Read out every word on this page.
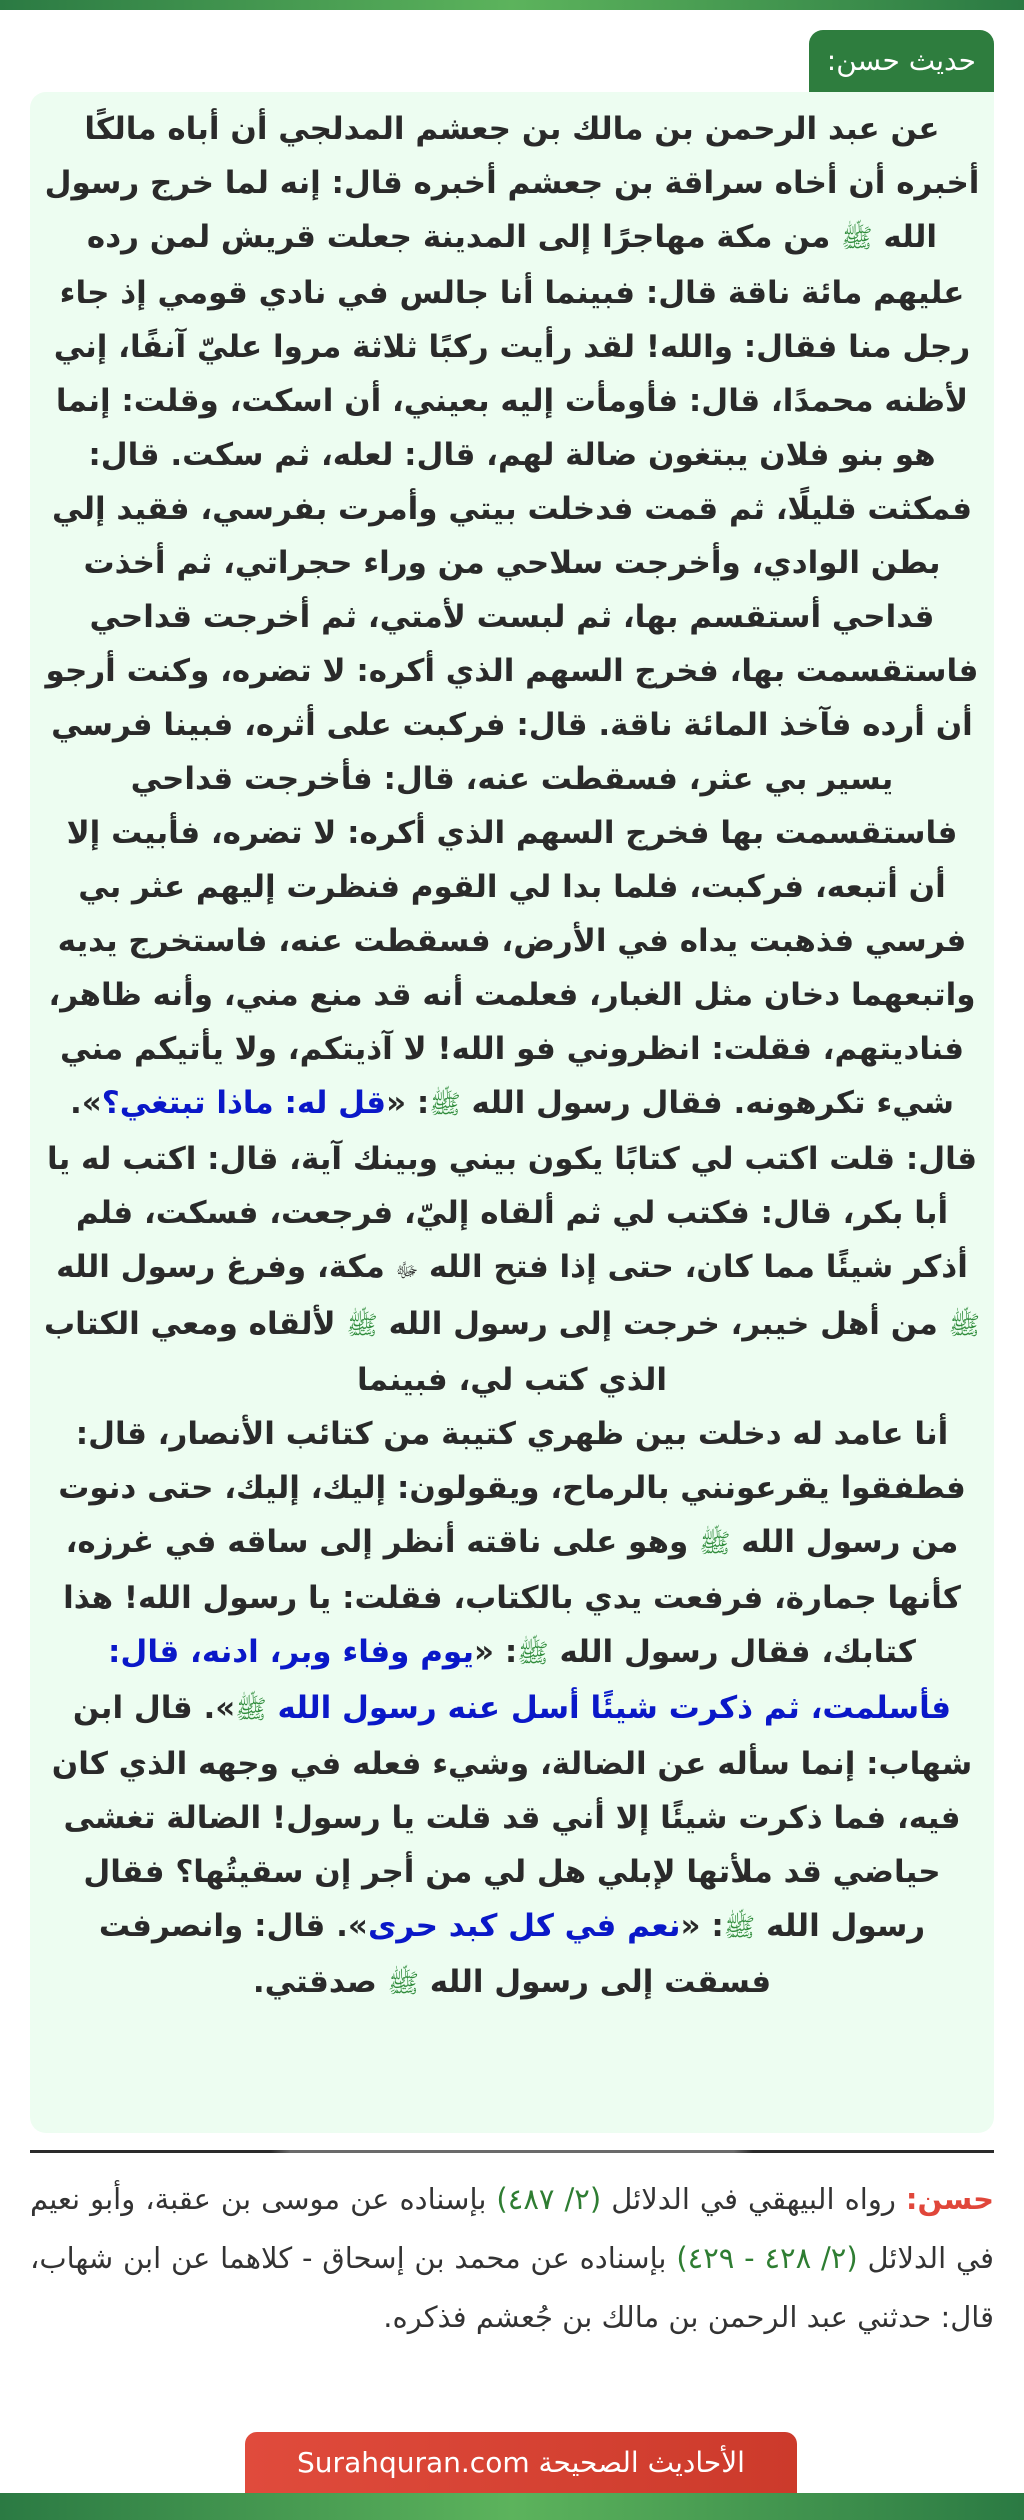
حديث حسن:

عن عبد الرحمن بن مالك بن جعشم المدلجي أن أباه مالكًا أخبره أن أخاه سراقة بن جعشم أخبره قال: إنه لما خرج رسول الله ﷺ من مكة مهاجرًا إلى المدينة جعلت قريش لمن رده عليهم مائة ناقة قال: فبينما أنا جالس في نادي قومي إذ جاء رجل منا فقال: والله! لقد رأيت ركبًا ثلاثة مروا عليّ آنفًا، إني لأظنه محمدًا، قال: فأومأت إليه بعيني، أن اسكت، وقلت: إنما هو بنو فلان يبتغون ضالة لهم، قال: لعله، ثم سكت. قال: فمكثت قليلًا، ثم قمت فدخلت بيتي وأمرت بفرسي، فقيد إلي بطن الوادي، وأخرجت سلاحي من وراء حجراتي، ثم أخذت قداحي أستقسم بها، ثم لبست لأمتي، ثم أخرجت قداحي فاستقسمت بها، فخرج السهم الذي أكره: لا تضره، وكنت أرجو أن أرده فآخذ المائة ناقة. قال: فركبت على أثره، فبينا فرسي يسير بي عثر، فسقطت عنه، قال: فأخرجت قداحي فاستقسمت بها فخرج السهم الذي أكره: لا تضره، فأبيت إلا أن أتبعه، فركبت، فلما بدا لي القوم فنظرت إليهم عثر بي فرسي فذهبت يداه في الأرض، فسقطت عنه، فاستخرج يديه واتبعهما دخان مثل الغبار، فعلمت أنه قد منع مني، وأنه ظاهر، فناديتهم، فقلت: انظروني فو الله! لا آذيتكم، ولا يأتيكم مني شيء تكرهونه. فقال رسول الله ﷺ: «قل له: ماذا تبتغي؟». قال: قلت اكتب لي كتابًا يكون بيني وبينك آية، قال: اكتب له يا أبا بكر، قال: فكتب لي ثم ألقاه إليّ، فرجعت، فسكت، فلم أذكر شيئًا مما كان، حتى إذا فتح الله ﷻ مكة، وفرغ رسول الله ﷺ من أهل خيبر، خرجت إلى رسول الله ﷺ لألقاه ومعي الكتاب الذي كتب لي، فبينما

أنا عامد له دخلت بين ظهري كتيبة من كتائب الأنصار، قال: فطفقوا يقرعونني بالرماح، ويقولون: إليك، إليك، حتى دنوت من رسول الله ﷺ وهو على ناقته أنظر إلى ساقه في غرزه، كأنها جمارة، فرفعت يدي بالكتاب، فقلت: يا رسول الله! هذا كتابك، فقال رسول الله ﷺ: «يوم وفاء وبر، ادنه، قال: فأسلمت، ثم ذكرت شيئًا أسل عنه رسول الله ﷺ». قال ابن شهاب: إنما سأله عن الضالة، وشيء فعله في وجهه الذي كان فيه، فما ذكرت شيئًا إلا أني قد قلت يا رسول! الضالة تغشى حياضي قد ملأتها لإبلي هل لي من أجر إن سقيتُها؟ فقال رسول الله ﷺ: «نعم في كل كبد حرى». قال: وانصرفت فسقت إلى رسول الله ﷺ صدقتي.

حسن: رواه البيهقي في الدلائل (٢/ ٤٨٧) بإسناده عن موسى بن عقبة، وأبو نعيم في الدلائل (٢/ ٤٢٨ - ٤٢٩) بإسناده عن محمد بن إسحاق - كلاهما عن ابن شهاب، قال: حدثني عبد الرحمن بن مالك بن جُعشم فذكره.
الأحاديث الصحيحة Surahquran.com
